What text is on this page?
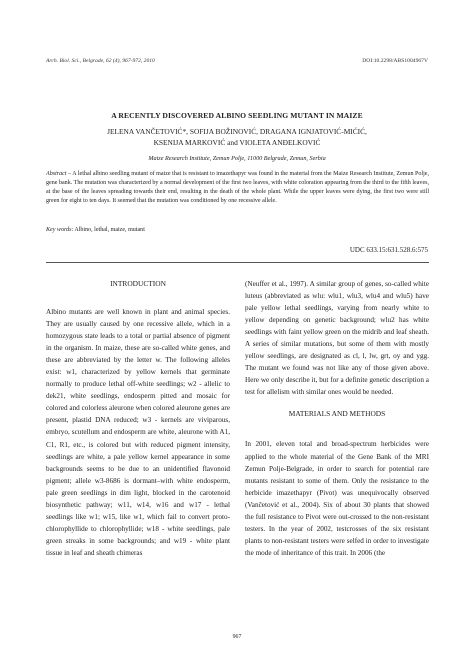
Arch. Biol. Sci., Belgrade, 62 (4), 967-972, 2010	DOI:10.2298/ABS1004967V
A RECENTLY DISCOVERED ALBINO SEEDLING MUTANT IN MAIZE
JELENA VANČETOVIĆ*, SOFIJA BOŽINOVIĆ, DRAGANA IGNJATOVIĆ-MIĆIĆ,
KSENIJA MARKOVIĆ and VIOLETA ANĐELKOVIĆ
Maize Research Institute, Zemun Polje, 11000 Belgrade, Zemun, Serbia
Abstract – A lethal albino seedling mutant of maize that is resistant to imazethapyr was found in the material from the Maize Research Institute, Zemun Polje, gene bank. The mutation was characterized by a normal development of the first two leaves, with white coloration appearing from the third to the fifth leaves, at the base of the leaves spreading towards their end, resulting in the death of the whole plant. While the upper leaves were dying, the first two were still green for eight to ten days. It seemed that the mutation was conditioned by one recessive allele.
Key words: Albino, lethal, maize, mutant
UDC 633.15:631.528.6:575
INTRODUCTION

Albino mutants are well known in plant and animal species. They are usually caused by one recessive allele, which in a homozygous state leads to a total or partial absence of pigment in the organism. In maize, these are so-called white genes, and these are abbreviated by the letter w. The following alleles exist: w1, characterized by yellow kernels that germinate normally to produce lethal off-white seedlings; w2 - allelic to dek21, white seedlings, endosperm pitted and mosaic for colored and colorless aleurone when colored aleurone genes are present, plastid DNA reduced; w3 - kernels are viviparous, embryo, scutellum and endosperm are white, aleurone with A1, C1, R1, etc., is colored but with reduced pigment intensity, seedlings are white, a pale yellow kernel appearance in some backgrounds seems to be due to an unidentified flavonoid pigment; allele w3-8686 is dormant–with white endosperm, pale green seedlings in dim light, blocked in the carotenoid biosynthetic pathway; w11, w14, w16 and w17 - lethal seedlings like w1; w15, like w1, which fail to convert proto-chlorophyllide to chlorophyllide; w18 - white seedlings, pale green streaks in some backgrounds; and w19 - white plant tissue in leaf and sheath chimeras

(Neuffer et al., 1997). A similar group of genes, so-called white luteus (abbreviated as wlu: wlu1, wlu3, wlu4 and wlu5) have pale yellow lethal seedlings, varying from nearly white to yellow depending on genetic background; wlu2 has white seedlings with faint yellow green on the midrib and leaf sheath. A series of similar mutations, but some of them with mostly yellow seedlings, are designated as cl, l, lw, grt, oy and ygg. The mutant we found was not like any of those given above. Here we only describe it, but for a definite genetic description a test for allelism with similar ones would be needed.

MATERIALS AND METHODS

In 2001, eleven total and broad-spectrum herbicides were applied to the whole material of the Gene Bank of the MRI Zemun Polje-Belgrade, in order to search for potential rare mutants resistant to some of them. Only the resistance to the herbicide imazethapyr (Pivot) was unequivocally observed (Vančetović et al., 2004). Six of about 30 plants that showed the full resistance to Pivot were out-crossed to the non-resistant testers. In the year of 2002, testcrosses of the six resistant plants to non-resistant testers were selfed in order to investigate the mode of inheritance of this trait. In 2006 (the

967
